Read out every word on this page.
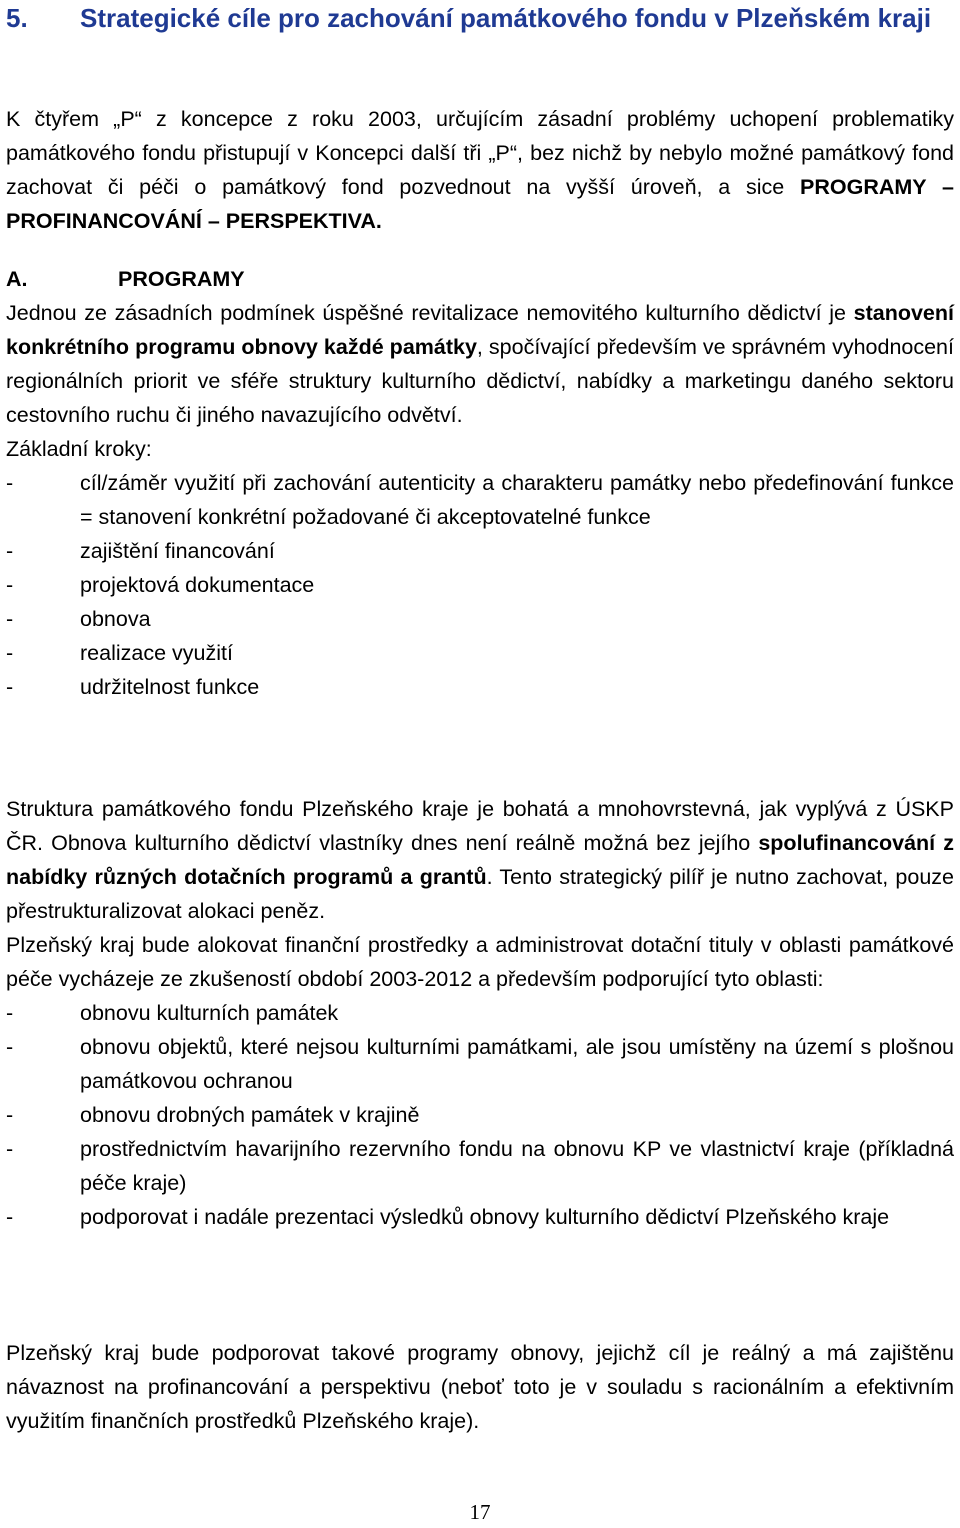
5. Strategické cíle pro zachování památkového fondu v Plzeňském kraji

K čtyřem „P“ z koncepce z roku 2003, určujícím zásadní problémy uchopení problematiky památkového fondu přistupují v Koncepci další tři „P“, bez nichž by nebylo možné památkový fond zachovat či péči o památkový fond pozvednout na vyšší úroveň, a sice PROGRAMY – PROFINANCOVÁNÍ – PERSPEKTIVA.

A.	PROGRAMY

Jednou ze zásadních podmínek úspěšné revitalizace nemovitého kulturního dědictví je stanovení konkrétního programu obnovy každé památky, spočívající především ve správném vyhodnocení regionálních priorit ve sféře struktury kulturního dědictví, nabídky a marketingu daného sektoru cestovního ruchu či jiného navazujícího odvětví.

Základní kroky:

- cíl/záměr využití při zachování autenticity a charakteru památky nebo předefinování funkce = stanovení konkrétní požadované či akceptovatelné funkce
- zajištění financování
- projektová dokumentace
- obnova
- realizace využití
- udržitelnost funkce

Struktura památkového fondu Plzeňského kraje je bohatá a mnohovrstevná, jak vyplývá z ÚSKP ČR. Obnova kulturního dědictví vlastníky dnes není reálně možná bez jejího spolufinancování z nabídky různých dotačních programů a grantů. Tento strategický pilíř je nutno zachovat, pouze přestrukturalizovat alokaci peněz.

Plzeňský kraj bude alokovat finanční prostředky a administrovat dotační tituly v oblasti památkové péče vycházeje ze zkušeností období 2003-2012 a především podporující tyto oblasti:

- obnovu kulturních památek
- obnovu objektů, které nejsou kulturními památkami, ale jsou umístěny na území s plošnou památkovou ochranou
- obnovu drobných památek v krajině
- prostřednictvím havarijního rezervního fondu na obnovu KP ve vlastnictví kraje (příkladná péče kraje)
- podporovat i nadále prezentaci výsledků obnovy kulturního dědictví Plzeňského kraje

Plzeňský kraj bude podporovat takové programy obnovy, jejichž cíl je reálný a má zajištěnu návaznost na profinancování a perspektivu (neboť toto je v souladu s racionálním a efektivním využitím finančních prostředků Plzeňského kraje).

17
